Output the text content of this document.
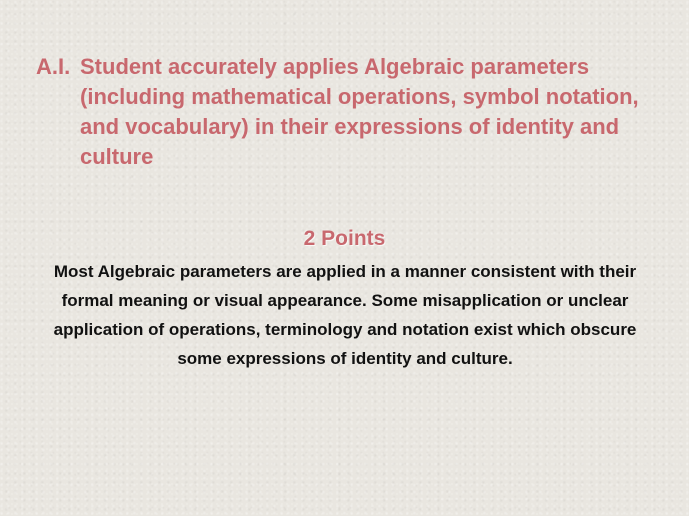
A.I. Student accurately applies Algebraic parameters (including mathematical operations, symbol notation, and vocabulary) in their expressions of identity and culture
2 Points
Most Algebraic parameters are applied in a manner consistent with their formal meaning or visual appearance. Some misapplication or unclear application of operations, terminology and notation exist which obscure some expressions of identity and culture.
